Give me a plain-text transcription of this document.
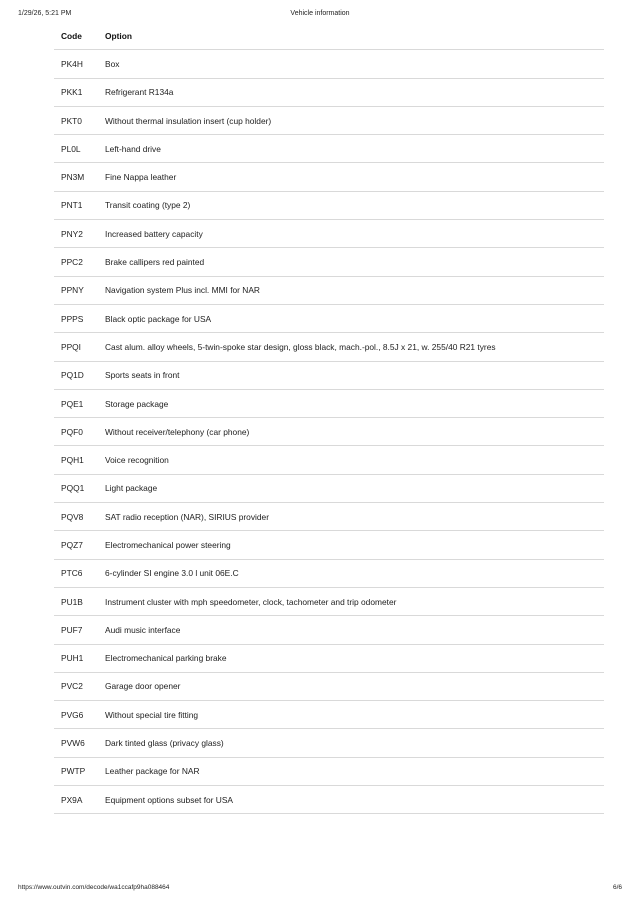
1/29/26, 5:21 PM	Vehicle information
Code	Option
PK4H	Box
PKK1	Refrigerant R134a
PKT0	Without thermal insulation insert (cup holder)
PL0L	Left-hand drive
PN3M	Fine Nappa leather
PNT1	Transit coating (type 2)
PNY2	Increased battery capacity
PPC2	Brake callipers red painted
PPNY	Navigation system Plus incl. MMI for NAR
PPPS	Black optic package for USA
PPQI	Cast alum. alloy wheels, 5-twin-spoke star design, gloss black, mach.-pol., 8.5J x 21, w. 255/40 R21 tyres
PQ1D	Sports seats in front
PQE1	Storage package
PQF0	Without receiver/telephony (car phone)
PQH1	Voice recognition
PQQ1	Light package
PQV8	SAT radio reception (NAR), SIRIUS provider
PQZ7	Electromechanical power steering
PTC6	6-cylinder SI engine 3.0 l unit 06E.C
PU1B	Instrument cluster with mph speedometer, clock, tachometer and trip odometer
PUF7	Audi music interface
PUH1	Electromechanical parking brake
PVC2	Garage door opener
PVG6	Without special tire fitting
PVW6	Dark tinted glass (privacy glass)
PWTP	Leather package for NAR
PX9A	Equipment options subset for USA
https://www.outvin.com/decode/wa1ccafp9ha088464	6/6
